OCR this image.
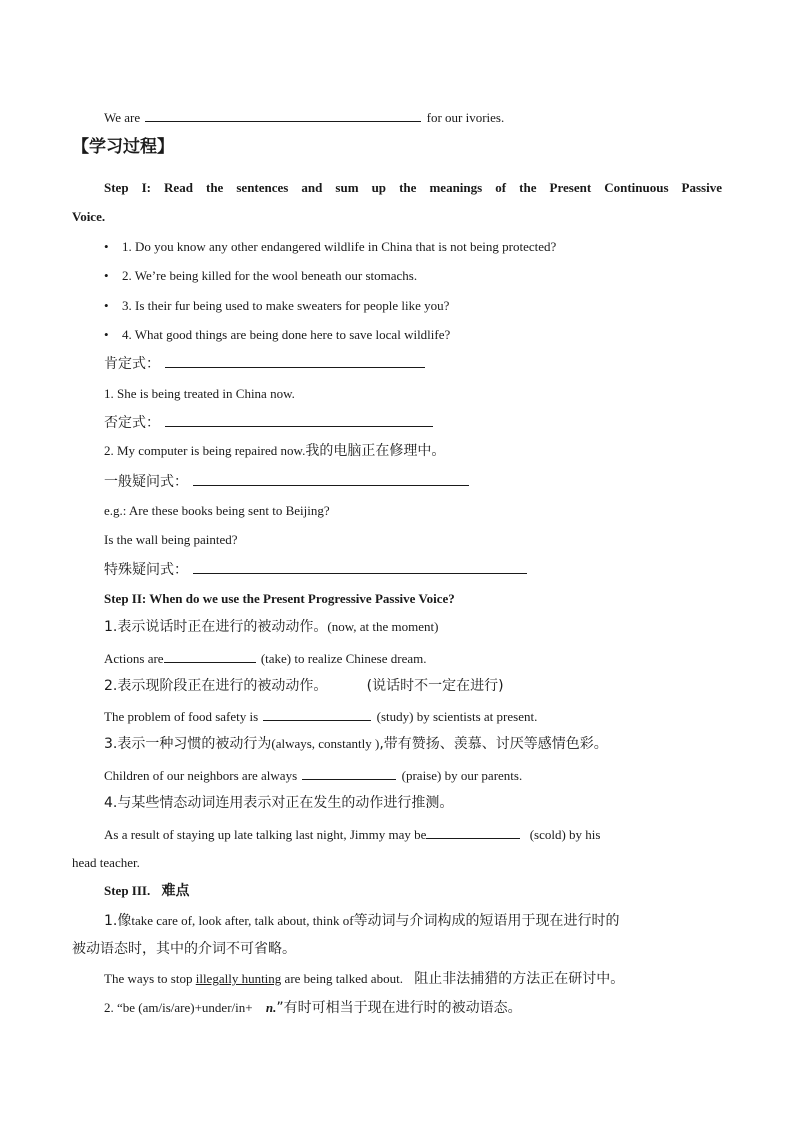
We are	for our ivories.
【学习过程】
Step I: Read the sentences and sum up the meanings of the Present Continuous Passive
Voice.
• 1. Do you know any other endangered wildlife in China that is not being protected?
• 2. We’re being killed for the wool beneath our stomachs.
• 3. Is their fur being used to make sweaters for people like you?
• 4. What good things are being done here to save local wildlife?
肯定式：
1. She is being treated in China now.
否定式：
2. My computer is being repaired now.我的电脑正在修理中。
一般疑问式：
e.g.: Are these books being sent to Beijing?
Is the wall being painted?
特殊疑问式：
Step II: When do we use the Present Progressive Passive Voice?
1.表示说话时正在进行的被动动作。(now, at the moment)
Actions are	(take) to realize Chinese dream.
2.表示现阶段正在进行的被动动作。	(说话时不一定在进行)
The problem of food safety is	(study) by scientists at present.
3.表示一种习惯的被动行为(always, constantly ),带有赞扬、羡慕、讨厌等感情色彩。
Children of our neighbors are always	(praise) by our parents.
4.与某些情态动词连用表示对正在发生的动作进行推测。
As a result of staying up late talking last night, Jimmy may be	(scold) by his
head teacher.
Step III. 难点
1.像take care of, look after, talk about, think of等动词与介词构成的短语用于现在进行时的
被动语态时，其中的介词不可省略。
The ways to stop illegally hunting are being talked about. 阻止非法捕猎的方法正在研讨中。
2. “be (am/is/are)+under/in+ n.”有时可相当于现在进行时的被动语态。
